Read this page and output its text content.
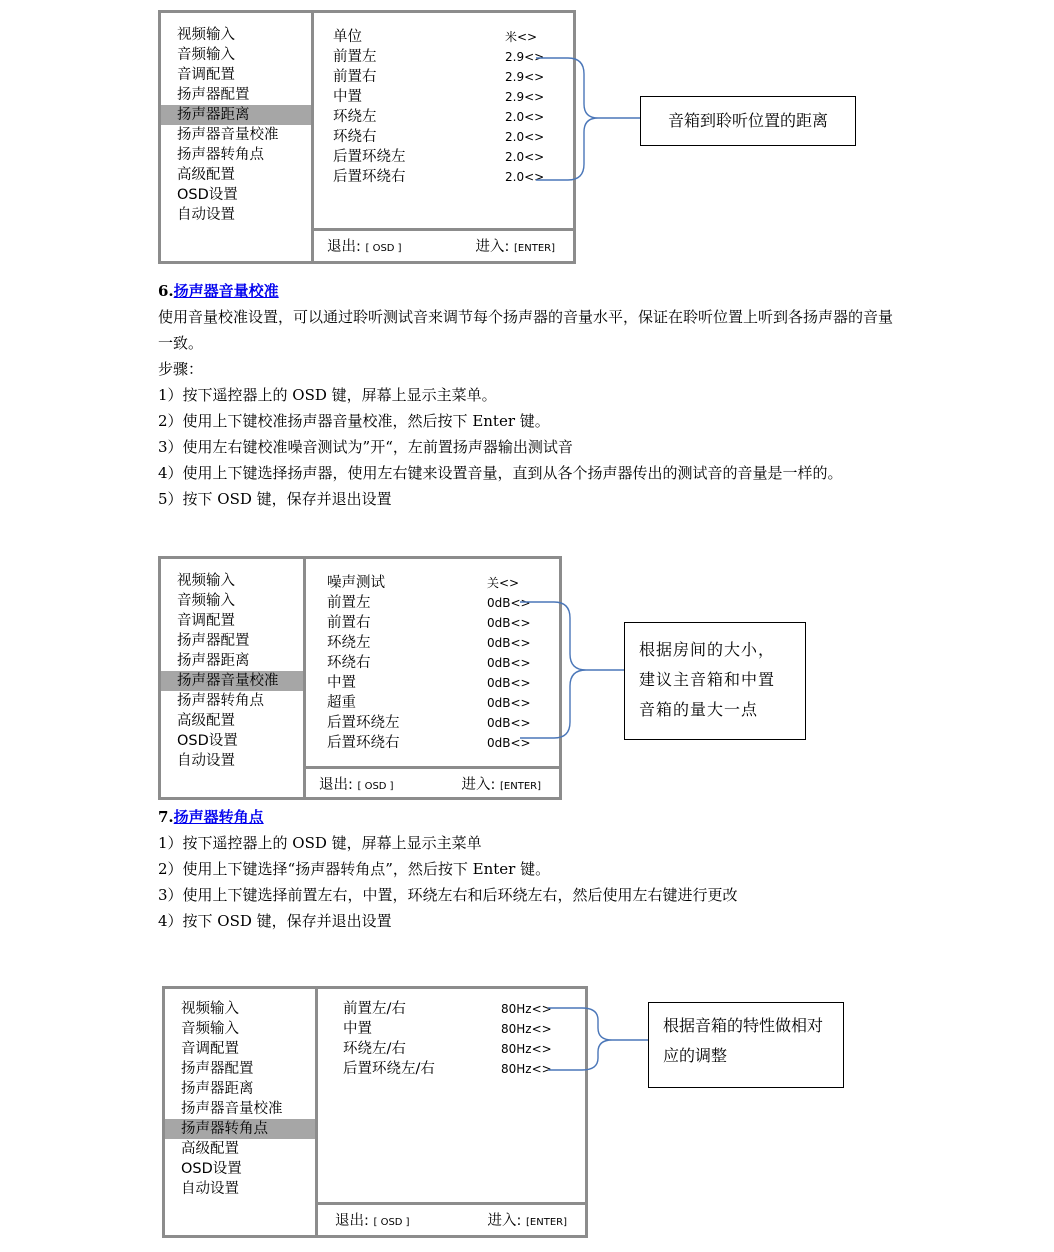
视频输入
音频输入
音调配置
扬声器配置
扬声器距离
扬声器音量校准
扬声器转角点
高级配置
OSD设置
自动设置
单位	米<>
前置左	2.9<>
前置右	2.9<>
中置	2.9<>
环绕左	2.0<>
环绕右	2.0<>
后置环绕左	2.0<>
后置环绕右	2.0<>
退出: [ OSD ]	进入: [ENTER]
音箱到聆听位置的距离
6.扬声器音量校准

使用音量校准设置，可以通过聆听测试音来调节每个扬声器的音量水平，保证在聆听位置上听到各扬声器的音量一致。

步骤：

1）按下遥控器上的 OSD 键，屏幕上显示主菜单。

2）使用上下键校准扬声器音量校准，然后按下 Enter 键。

3）使用左右键校准噪音测试为”开“，左前置扬声器输出测试音

4）使用上下键选择扬声器，使用左右键来设置音量，直到从各个扬声器传出的测试音的音量是一样的。

5）按下 OSD 键，保存并退出设置

视频输入
音频输入
音调配置
扬声器配置
扬声器距离
扬声器音量校准
扬声器转角点
高级配置
OSD设置
自动设置
噪声测试	关<>
前置左	0dB<>
前置右	0dB<>
环绕左	0dB<>
环绕右	0dB<>
中置	0dB<>
超重	0dB<>
后置环绕左	0dB<>
后置环绕右	0dB<>
退出: [ OSD ]	进入: [ENTER]
根据房间的大小，建议主音箱和中置音箱的量大一点
7.扬声器转角点

1）按下遥控器上的 OSD 键，屏幕上显示主菜单

2）使用上下键选择“扬声器转角点”，然后按下 Enter 键。

3）使用上下键选择前置左右，中置，环绕左右和后环绕左右，然后使用左右键进行更改

4）按下 OSD 键，保存并退出设置

视频输入
音频输入
音调配置
扬声器配置
扬声器距离
扬声器音量校准
扬声器转角点
高级配置
OSD设置
自动设置
前置左/右	80Hz<>
中置	80Hz<>
环绕左/右	80Hz<>
后置环绕左/右	80Hz<>
退出: [ OSD ]	进入: [ENTER]
根据音箱的特性做相对应的调整
